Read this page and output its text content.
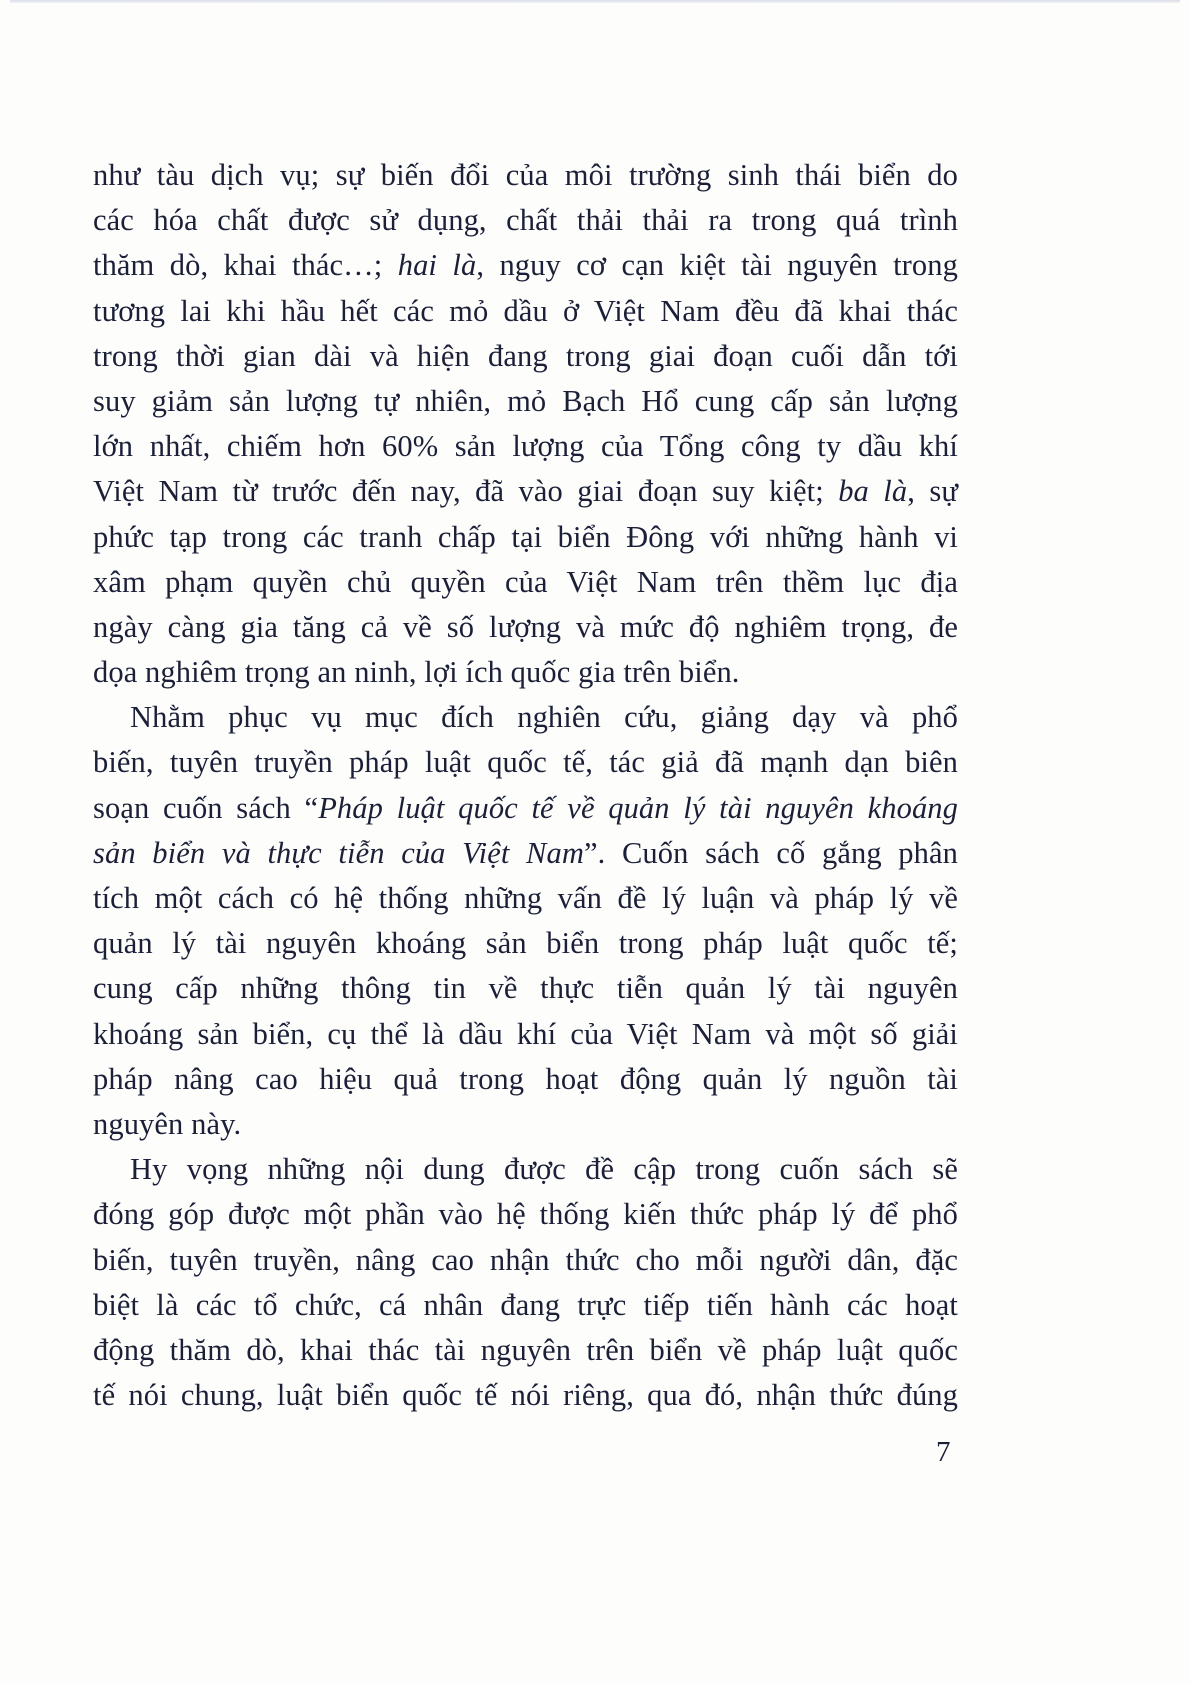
như tàu dịch vụ; sự biến đổi của môi trường sinh thái biển do
các hóa chất được sử dụng, chất thải thải ra trong quá trình
thăm dò, khai thác…; hai là, nguy cơ cạn kiệt tài nguyên trong
tương lai khi hầu hết các mỏ dầu ở Việt Nam đều đã khai thác
trong thời gian dài và hiện đang trong giai đoạn cuối dẫn tới
suy giảm sản lượng tự nhiên, mỏ Bạch Hổ cung cấp sản lượng
lớn nhất, chiếm hơn 60% sản lượng của Tổng công ty dầu khí
Việt Nam từ trước đến nay, đã vào giai đoạn suy kiệt; ba là, sự
phức tạp trong các tranh chấp tại biển Đông với những hành vi
xâm phạm quyền chủ quyền của Việt Nam trên thềm lục địa
ngày càng gia tăng cả về số lượng và mức độ nghiêm trọng, đe
dọa nghiêm trọng an ninh, lợi ích quốc gia trên biển.
Nhằm phục vụ mục đích nghiên cứu, giảng dạy và phổ
biến, tuyên truyền pháp luật quốc tế, tác giả đã mạnh dạn biên
soạn cuốn sách “Pháp luật quốc tế về quản lý tài nguyên khoáng
sản biển và thực tiễn của Việt Nam”. Cuốn sách cố gắng phân
tích một cách có hệ thống những vấn đề lý luận và pháp lý về
quản lý tài nguyên khoáng sản biển trong pháp luật quốc tế;
cung cấp những thông tin về thực tiễn quản lý tài nguyên
khoáng sản biển, cụ thể là dầu khí của Việt Nam và một số giải
pháp nâng cao hiệu quả trong hoạt động quản lý nguồn tài
nguyên này.
Hy vọng những nội dung được đề cập trong cuốn sách sẽ
đóng góp được một phần vào hệ thống kiến thức pháp lý để phổ
biến, tuyên truyền, nâng cao nhận thức cho mỗi người dân, đặc
biệt là các tổ chức, cá nhân đang trực tiếp tiến hành các hoạt
động thăm dò, khai thác tài nguyên trên biển về pháp luật quốc
tế nói chung, luật biển quốc tế nói riêng, qua đó, nhận thức đúng
7
